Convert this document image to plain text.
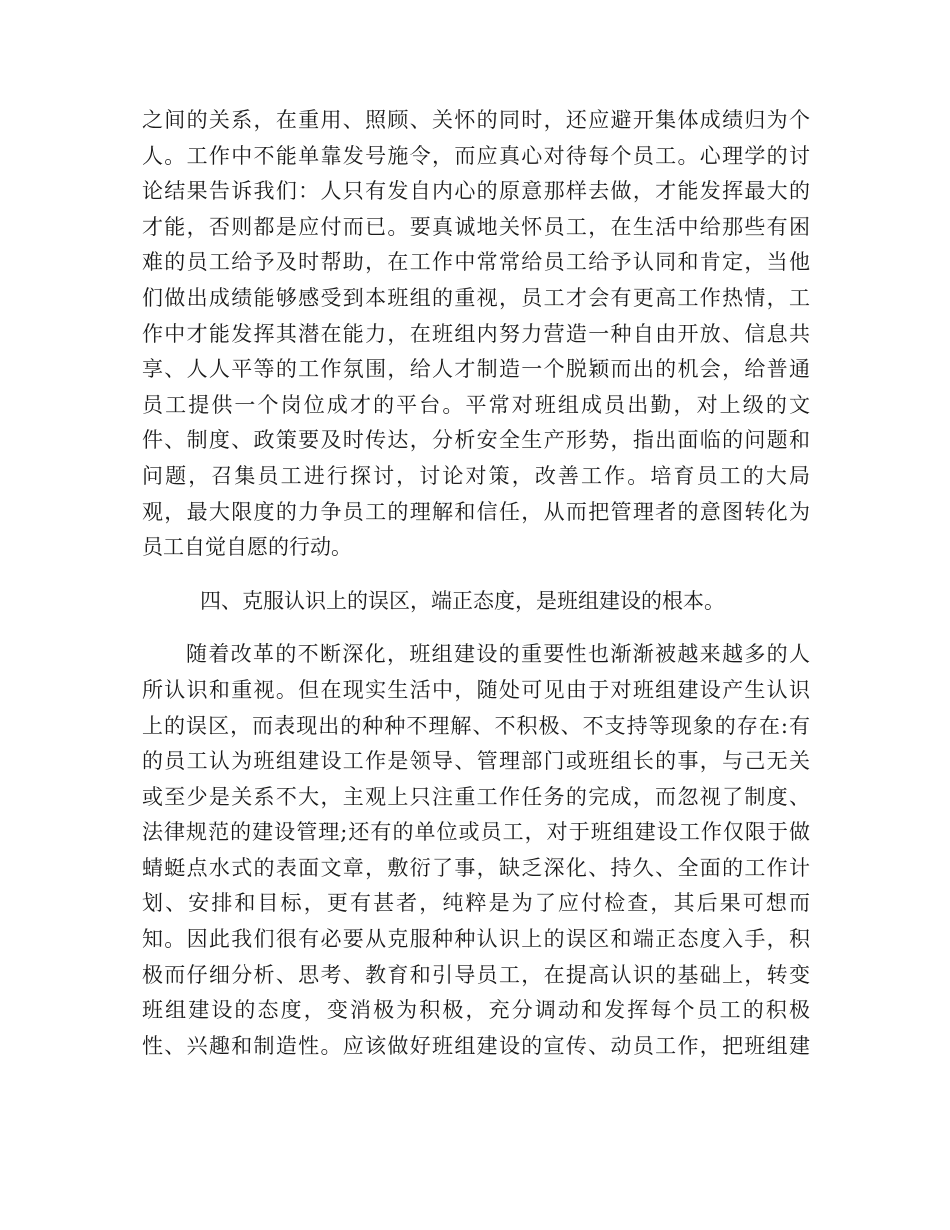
之间的关系，在重用、照顾、关怀的同时，还应避开集体成绩归为个
人。工作中不能单靠发号施令，而应真心对待每个员工。心理学的讨
论结果告诉我们：人只有发自内心的原意那样去做，才能发挥最大的
才能，否则都是应付而已。要真诚地关怀员工，在生活中给那些有困
难的员工给予及时帮助，在工作中常常给员工给予认同和肯定，当他
们做出成绩能够感受到本班组的重视，员工才会有更高工作热情，工
作中才能发挥其潜在能力，在班组内努力营造一种自由开放、信息共
享、人人平等的工作氛围，给人才制造一个脱颖而出的机会，给普通
员工提供一个岗位成才的平台。平常对班组成员出勤，对上级的文
件、制度、政策要及时传达，分析安全生产形势，指出面临的问题和
问题，召集员工进行探讨，讨论对策，改善工作。培育员工的大局
观，最大限度的力争员工的理解和信任，从而把管理者的意图转化为
员工自觉自愿的行动。
四、克服认识上的误区，端正态度，是班组建设的根本。
随着改革的不断深化，班组建设的重要性也渐渐被越来越多的人
所认识和重视。但在现实生活中，随处可见由于对班组建设产生认识
上的误区，而表现出的种种不理解、不积极、不支持等现象的存在:有
的员工认为班组建设工作是领导、管理部门或班组长的事，与己无关
或至少是关系不大，主观上只注重工作任务的完成，而忽视了制度、
法律规范的建设管理;还有的单位或员工，对于班组建设工作仅限于做
蜻蜓点水式的表面文章，敷衍了事，缺乏深化、持久、全面的工作计
划、安排和目标，更有甚者，纯粹是为了应付检查，其后果可想而
知。因此我们很有必要从克服种种认识上的误区和端正态度入手，积
极而仔细分析、思考、教育和引导员工，在提高认识的基础上，转变
班组建设的态度，变消极为积极，充分调动和发挥每个员工的积极
性、兴趣和制造性。应该做好班组建设的宣传、动员工作，把班组建
